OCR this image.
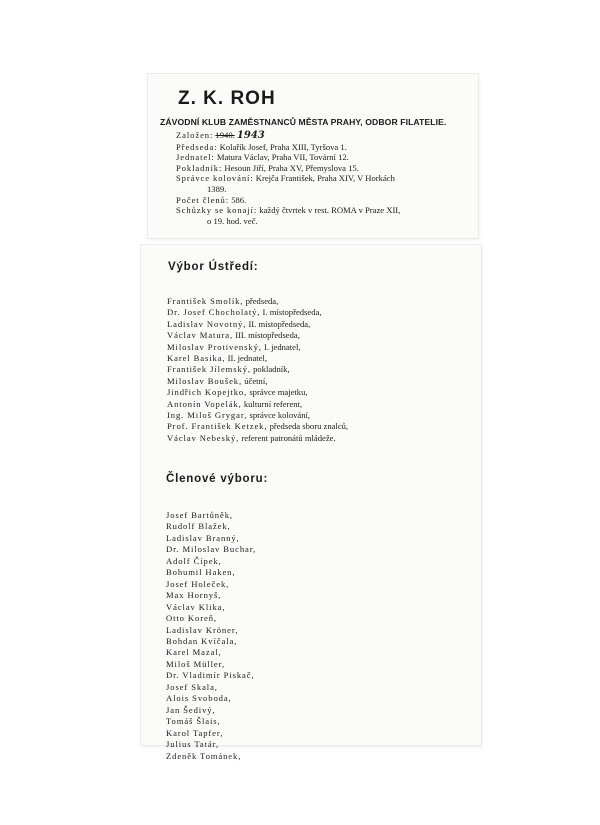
Z. K. ROH
ZÁVODNÍ KLUB ZAMĚSTNANCŮ MĚSTA PRAHY, ODBOR FILATELIE.
Založen: 1940. 1943
Předseda: Kolařík Josef, Praha XIII, Tyršova 1.
Jednatel: Matura Václav, Praha VII, Tovární 12.
Pokladník: Hesoun Jiří, Praha XV, Přemyslova 15.
Správce kolování: Krejča František, Praha XIV, V Horkách
1389.
Počet členů: 586.
Schůzky se konají: každý čtvrtek v rest. ROMA v Praze XII,
o 19. hod. več.
Výbor Ústředí:
František Smolík, předseda,
Dr. Josef Chocholatý, I. místopředseda,
Ladislav Novotný, II. místopředseda,
Václav Matura, III. místopředseda,
Miloslav Protivenský, I. jednatel,
Karel Basika, II. jednatel,
František Jílemský, pokladník,
Miloslav Boušek, účetní,
Jindřich Kopejtko, správce majetku,
Antonín Vopelák, kulturní referent,
Ing. Miloš Grygar, správce kolování,
Prof. František Ketzek, předseda sboru znalců,
Václav Nebeský, referent patronátů mládeže.
Členové výboru:
Josef Bartůněk,
Rudolf Blažek,
Ladislav Branný,
Dr. Miloslav Buchar,
Adolf Čípek,
Bohumil Haken,
Josef Holeček,
Max Hornyš,
Václav Klika,
Otto Koreň,
Ladislav Kröner,
Bohdan Kvíčala,
Karel Mazal,
Miloš Müller,
Dr. Vladimír Piskač,
Josef Skala,
Alois Svoboda,
Jan Šedivý,
Tomáš Šlais,
Karol Tapfer,
Julius Tatár,
Zdeněk Tománek,
